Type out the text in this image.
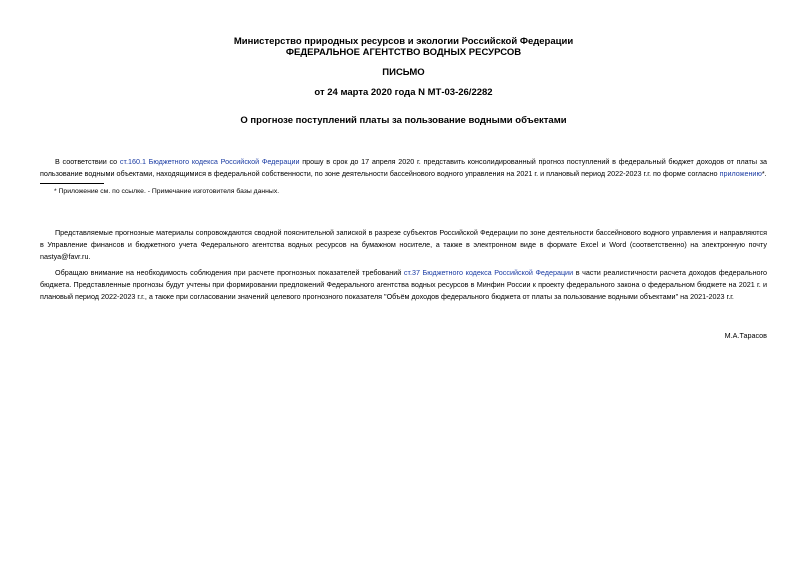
Министерство природных ресурсов и экологии Российской Федерации
ФЕДЕРАЛЬНОЕ АГЕНТСТВО ВОДНЫХ РЕСУРСОВ
ПИСЬМО
от 24 марта 2020 года N МТ-03-26/2282
О прогнозе поступлений платы за пользование водными объектами
В соответствии со ст.160.1 Бюджетного кодекса Российской Федерации прошу в срок до 17 апреля 2020 г. представить консолидированный прогноз поступлений в федеральный бюджет доходов от платы за пользование водными объектами, находящимися в федеральной собственности, по зоне деятельности бассейнового водного управления на 2021 г. и плановый период 2022-2023 г.г. по форме согласно приложению*.
* Приложение см. по ссылке. - Примечание изготовителя базы данных.
Представляемые прогнозные материалы сопровождаются сводной пояснительной запиской в разрезе субъектов Российской Федерации по зоне деятельности бассейнового водного управления и направляются в Управление финансов и бюджетного учета Федерального агентства водных ресурсов на бумажном носителе, а также в электронном виде в формате Excel и Word (соответственно) на электронную почту nastya@favr.ru.
Обращаю внимание на необходимость соблюдения при расчете прогнозных показателей требований ст.37 Бюджетного кодекса Российской Федерации в части реалистичности расчета доходов федерального бюджета. Представленные прогнозы будут учтены при формировании предложений Федерального агентства водных ресурсов в Минфин России к проекту федерального закона о федеральном бюджете на 2021 г. и плановый период 2022-2023 г.г., а также при согласовании значений целевого прогнозного показателя "Объём доходов федерального бюджета от платы за пользование водными объектами" на 2021-2023 г.г.
М.А.Тарасов
